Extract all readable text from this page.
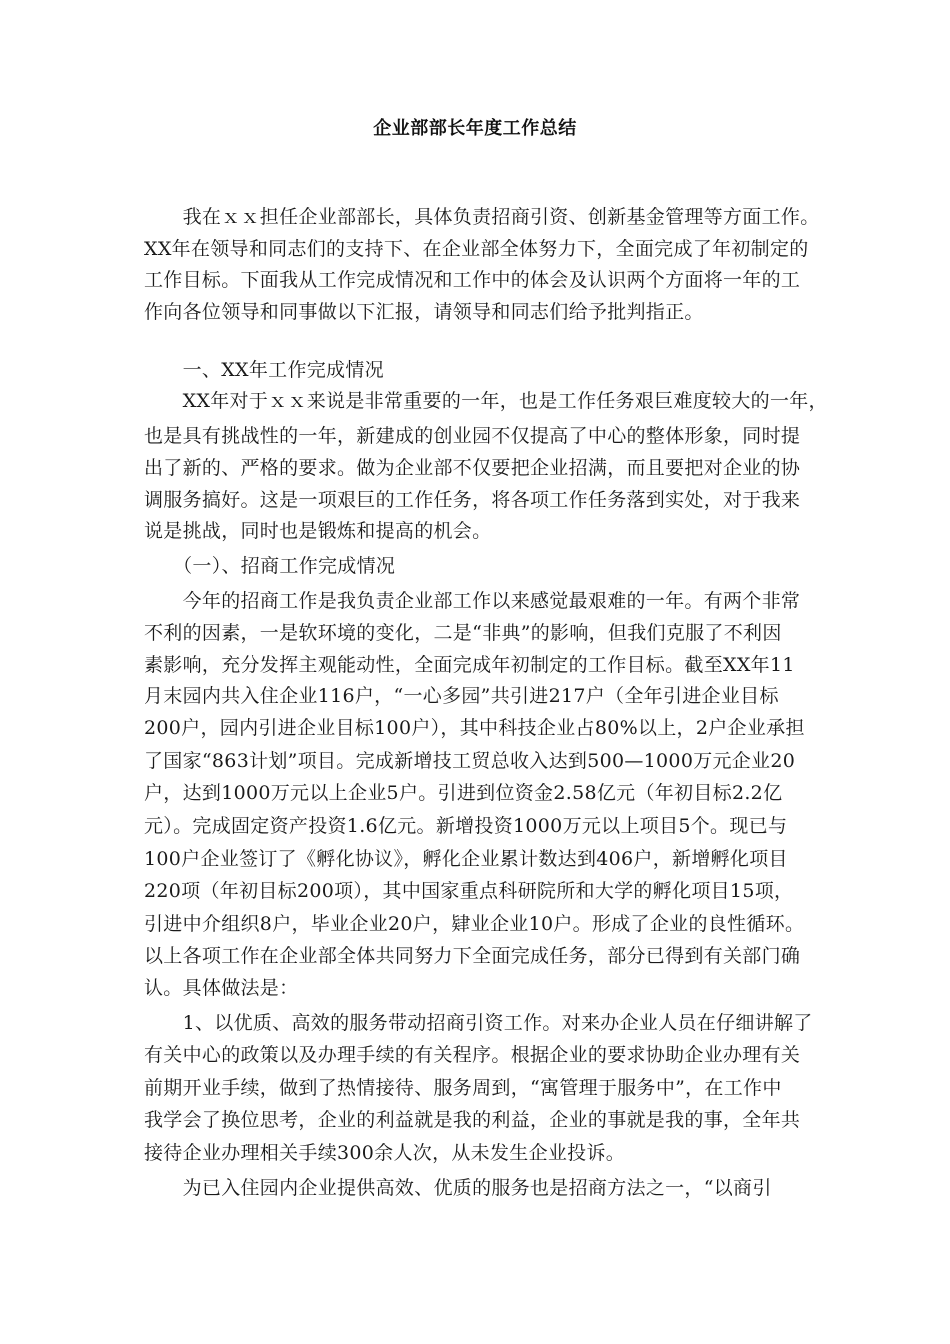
企业部部长年度工作总结
　　我在ｘｘ担任企业部部长，具体负责招商引资、创新基金管理等方面工作。
XX年在领导和同志们的支持下、在企业部全体努力下，全面完成了年初制定的
工作目标。下面我从工作完成情况和工作中的体会及认识两个方面将一年的工
作向各位领导和同事做以下汇报，请领导和同志们给予批判指正。
　　一、XX年工作完成情况
　　XX年对于ｘｘ来说是非常重要的一年，也是工作任务艰巨难度较大的一年，
也是具有挑战性的一年，新建成的创业园不仅提高了中心的整体形象，同时提
出了新的、严格的要求。做为企业部不仅要把企业招满，而且要把对企业的协
调服务搞好。这是一项艰巨的工作任务，将各项工作任务落到实处，对于我来
说是挑战，同时也是锻炼和提高的机会。
　　（一）、招商工作完成情况
　　今年的招商工作是我负责企业部工作以来感觉最艰难的一年。有两个非常
不利的因素，一是软环境的变化，二是“非典”的影响，但我们克服了不利因
素影响，充分发挥主观能动性，全面完成年初制定的工作目标。截至XX年11
月末园内共入住企业116户，“一心多园”共引进217户（全年引进企业目标
200户，园内引进企业目标100户），其中科技企业占80%以上，2户企业承担
了国家“863计划”项目。完成新增技工贸总收入达到500—1000万元企业20
户，达到1000万元以上企业5户。引进到位资金2.58亿元（年初目标2.2亿
元）。完成固定资产投资1.6亿元。新增投资1000万元以上项目5个。现已与
100户企业签订了《孵化协议》，孵化企业累计数达到406户，新增孵化项目
220项（年初目标200项），其中国家重点科研院所和大学的孵化项目15项，
引进中介组织8户，毕业企业20户，肄业企业10户。形成了企业的良性循环。
以上各项工作在企业部全体共同努力下全面完成任务，部分已得到有关部门确
认。具体做法是：
　　1、以优质、高效的服务带动招商引资工作。对来办企业人员在仔细讲解了
有关中心的政策以及办理手续的有关程序。根据企业的要求协助企业办理有关
前期开业手续，做到了热情接待、服务周到，“寓管理于服务中”，在工作中
我学会了换位思考，企业的利益就是我的利益，企业的事就是我的事，全年共
接待企业办理相关手续300余人次，从未发生企业投诉。
　　为已入住园内企业提供高效、优质的服务也是招商方法之一，“以商引
